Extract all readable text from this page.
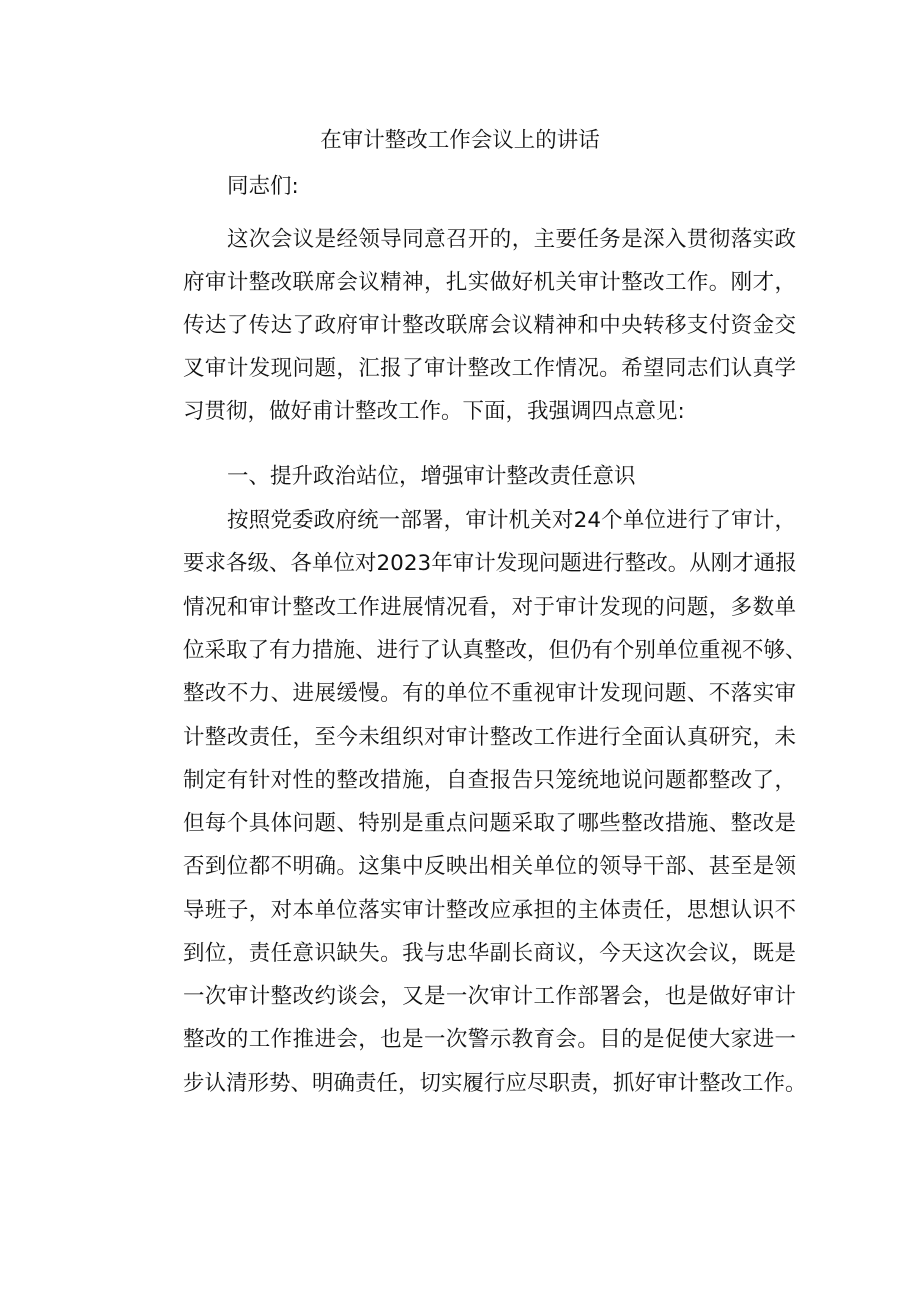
在审计整改工作会议上的讲话
同志们:
这次会议是经领导同意召开的，主要任务是深入贯彻落实政
府审计整改联席会议精神，扎实做好机关审计整改工作。刚才，
传达了传达了政府审计整改联席会议精神和中央转移支付资金交
叉审计发现问题，汇报了审计整改工作情况。希望同志们认真学
习贯彻，做好甫计整改工作。下面，我强调四点意见:
一、提升政治站位，增强审计整改责任意识
按照党委政府统一部署，审计机关对24个单位进行了审计，
要求各级、各单位对2023年审计发现问题进行整改。从刚才通报
情况和审计整改工作进展情况看，对于审计发现的问题，多数单
位采取了有力措施、进行了认真整改，但仍有个别单位重视不够、
整改不力、进展缓慢。有的单位不重视审计发现问题、不落实审
计整改责任，至今未组织对审计整改工作进行全面认真研究，未
制定有针对性的整改措施，自查报告只笼统地说问题都整改了，
但每个具体问题、特别是重点问题采取了哪些整改措施、整改是
否到位都不明确。这集中反映出相关单位的领导干部、甚至是领
导班子，对本单位落实审计整改应承担的主体责任，思想认识不
到位，责任意识缺失。我与忠华副长商议，今天这次会议，既是
一次审计整改约谈会，又是一次审计工作部署会，也是做好审计
整改的工作推进会，也是一次警示教育会。目的是促使大家进一
步认清形势、明确责任，切实履行应尽职责，抓好审计整改工作。
